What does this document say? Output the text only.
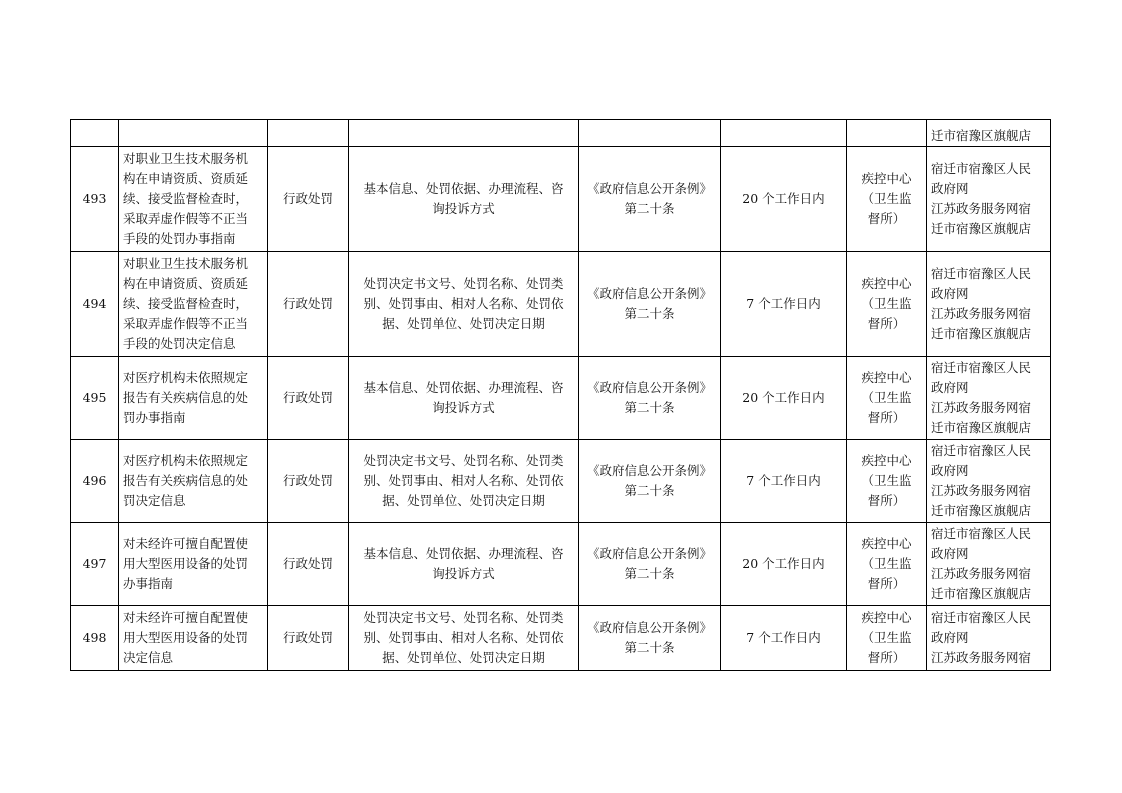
							迁市宿豫区旗舰店

493	对职业卫生技术服务机
构在申请资质、资质延
续、接受监督检查时，
采取弄虚作假等不正当
手段的处罚办事指南	行政处罚	基本信息、处罚依据、办理流程、咨
询投诉方式	《政府信息公开条例》
第二十条	20 个工作日内	疾控中心
（卫生监
督所）	宿迁市宿豫区人民
政府网
江苏政务服务网宿
迁市宿豫区旗舰店

494	对职业卫生技术服务机
构在申请资质、资质延
续、接受监督检查时，
采取弄虚作假等不正当
手段的处罚决定信息	行政处罚	处罚决定书文号、处罚名称、处罚类
别、处罚事由、相对人名称、处罚依
据、处罚单位、处罚决定日期	《政府信息公开条例》
第二十条	7 个工作日内	疾控中心
（卫生监
督所）	宿迁市宿豫区人民
政府网
江苏政务服务网宿
迁市宿豫区旗舰店

495	对医疗机构未依照规定
报告有关疾病信息的处
罚办事指南	行政处罚	基本信息、处罚依据、办理流程、咨
询投诉方式	《政府信息公开条例》
第二十条	20 个工作日内	疾控中心
（卫生监
督所）	宿迁市宿豫区人民
政府网
江苏政务服务网宿
迁市宿豫区旗舰店

496	对医疗机构未依照规定
报告有关疾病信息的处
罚决定信息	行政处罚	处罚决定书文号、处罚名称、处罚类
别、处罚事由、相对人名称、处罚依
据、处罚单位、处罚决定日期	《政府信息公开条例》
第二十条	7 个工作日内	疾控中心
（卫生监
督所）	宿迁市宿豫区人民
政府网
江苏政务服务网宿
迁市宿豫区旗舰店

497	对未经许可擅自配置使
用大型医用设备的处罚
办事指南	行政处罚	基本信息、处罚依据、办理流程、咨
询投诉方式	《政府信息公开条例》
第二十条	20 个工作日内	疾控中心
（卫生监
督所）	宿迁市宿豫区人民
政府网
江苏政务服务网宿
迁市宿豫区旗舰店

498	对未经许可擅自配置使
用大型医用设备的处罚
决定信息	行政处罚	处罚决定书文号、处罚名称、处罚类
别、处罚事由、相对人名称、处罚依
据、处罚单位、处罚决定日期	《政府信息公开条例》
第二十条	7 个工作日内	疾控中心
（卫生监
督所）	宿迁市宿豫区人民
政府网
江苏政务服务网宿
